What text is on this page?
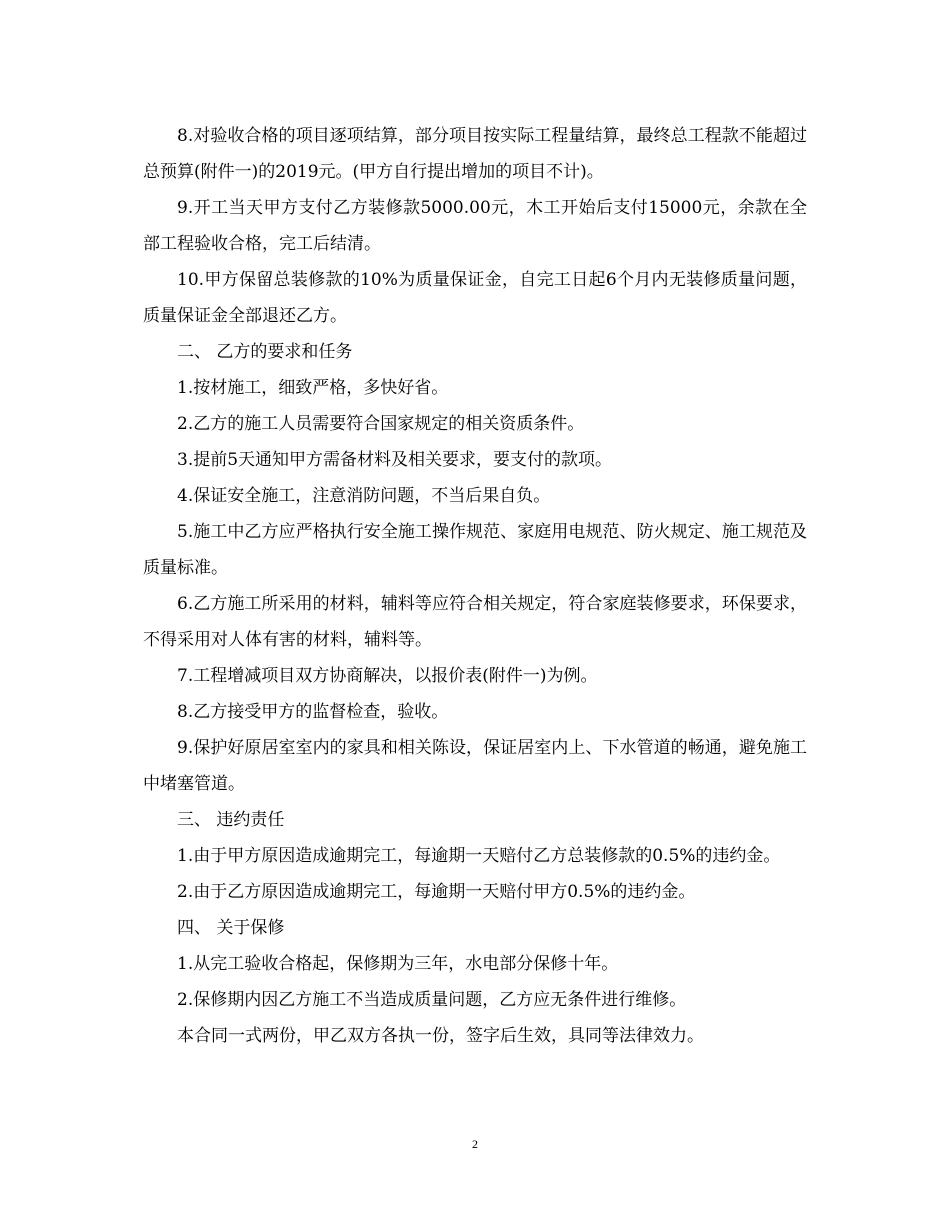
8.对验收合格的项目逐项结算，部分项目按实际工程量结算，最终总工程款不能超过总预算(附件一)的2019元。(甲方自行提出增加的项目不计)。

9.开工当天甲方支付乙方装修款5000.00元，木工开始后支付15000元，余款在全部工程验收合格，完工后结清。

10.甲方保留总装修款的10%为质量保证金，自完工日起6个月内无装修质量问题，质量保证金全部退还乙方。

二、 乙方的要求和任务

1.按材施工，细致严格，多快好省。

2.乙方的施工人员需要符合国家规定的相关资质条件。

3.提前5天通知甲方需备材料及相关要求，要支付的款项。

4.保证安全施工，注意消防问题，不当后果自负。

5.施工中乙方应严格执行安全施工操作规范、家庭用电规范、防火规定、施工规范及质量标准。

6.乙方施工所采用的材料，辅料等应符合相关规定，符合家庭装修要求，环保要求，不得采用对人体有害的材料，辅料等。

7.工程增减项目双方协商解决，以报价表(附件一)为例。

8.乙方接受甲方的监督检查，验收。

9.保护好原居室室内的家具和相关陈设，保证居室内上、下水管道的畅通，避免施工中堵塞管道。

三、 违约责任

1.由于甲方原因造成逾期完工，每逾期一天赔付乙方总装修款的0.5%的违约金。

2.由于乙方原因造成逾期完工，每逾期一天赔付甲方0.5%的违约金。

四、 关于保修

1.从完工验收合格起，保修期为三年，水电部分保修十年。

2.保修期内因乙方施工不当造成质量问题，乙方应无条件进行维修。

本合同一式两份，甲乙双方各执一份，签字后生效，具同等法律效力。

2
